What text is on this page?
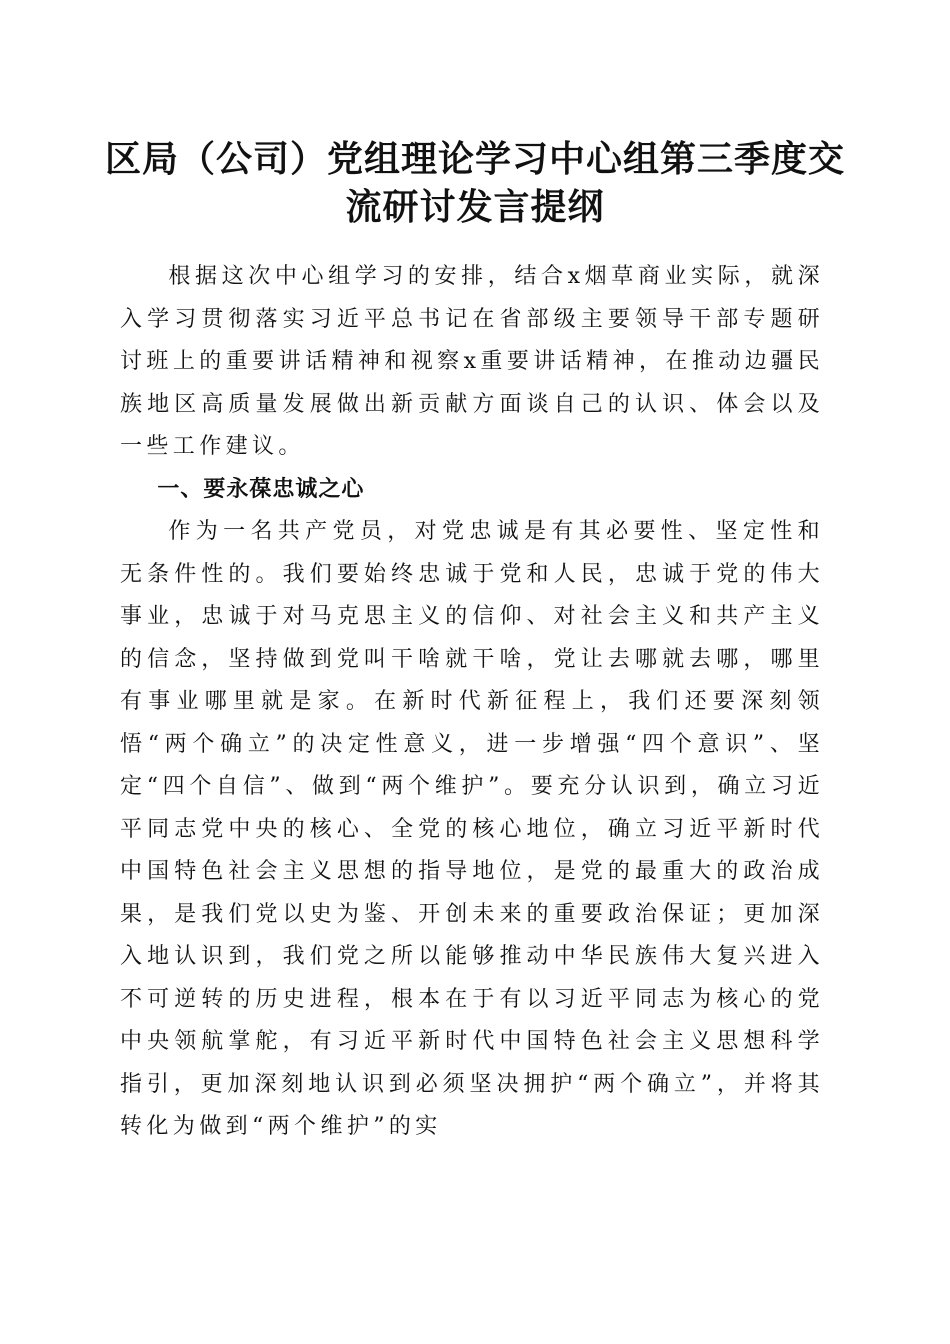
区局（公司）党组理论学习中心组第三季度交
流研讨发言提纲

根据这次中心组学习的安排，结合x烟草商业实际，就深入学习贯彻落实习近平总书记在省部级主要领导干部专题研讨班上的重要讲话精神和视察x重要讲话精神，在推动边疆民族地区高质量发展做出新贡献方面谈自己的认识、体会以及一些工作建议。

一、要永葆忠诚之心

作为一名共产党员，对党忠诚是有其必要性、坚定性和无条件性的。我们要始终忠诚于党和人民，忠诚于党的伟大事业，忠诚于对马克思主义的信仰、对社会主义和共产主义的信念，坚持做到党叫干啥就干啥，党让去哪就去哪，哪里有事业哪里就是家。在新时代新征程上，我们还要深刻领悟“两个确立”的决定性意义，进一步增强“四个意识”、坚定“四个自信”、做到“两个维护”。要充分认识到，确立习近平同志党中央的核心、全党的核心地位，确立习近平新时代中国特色社会主义思想的指导地位，是党的最重大的政治成果，是我们党以史为鉴、开创未来的重要政治保证；更加深入地认识到，我们党之所以能够推动中华民族伟大复兴进入不可逆转的历史进程，根本在于有以习近平同志为核心的党中央领航掌舵，有习近平新时代中国特色社会主义思想科学指引，更加深刻地认识到必须坚决拥护“两个确立”，并将其转化为做到“两个维护”的实
